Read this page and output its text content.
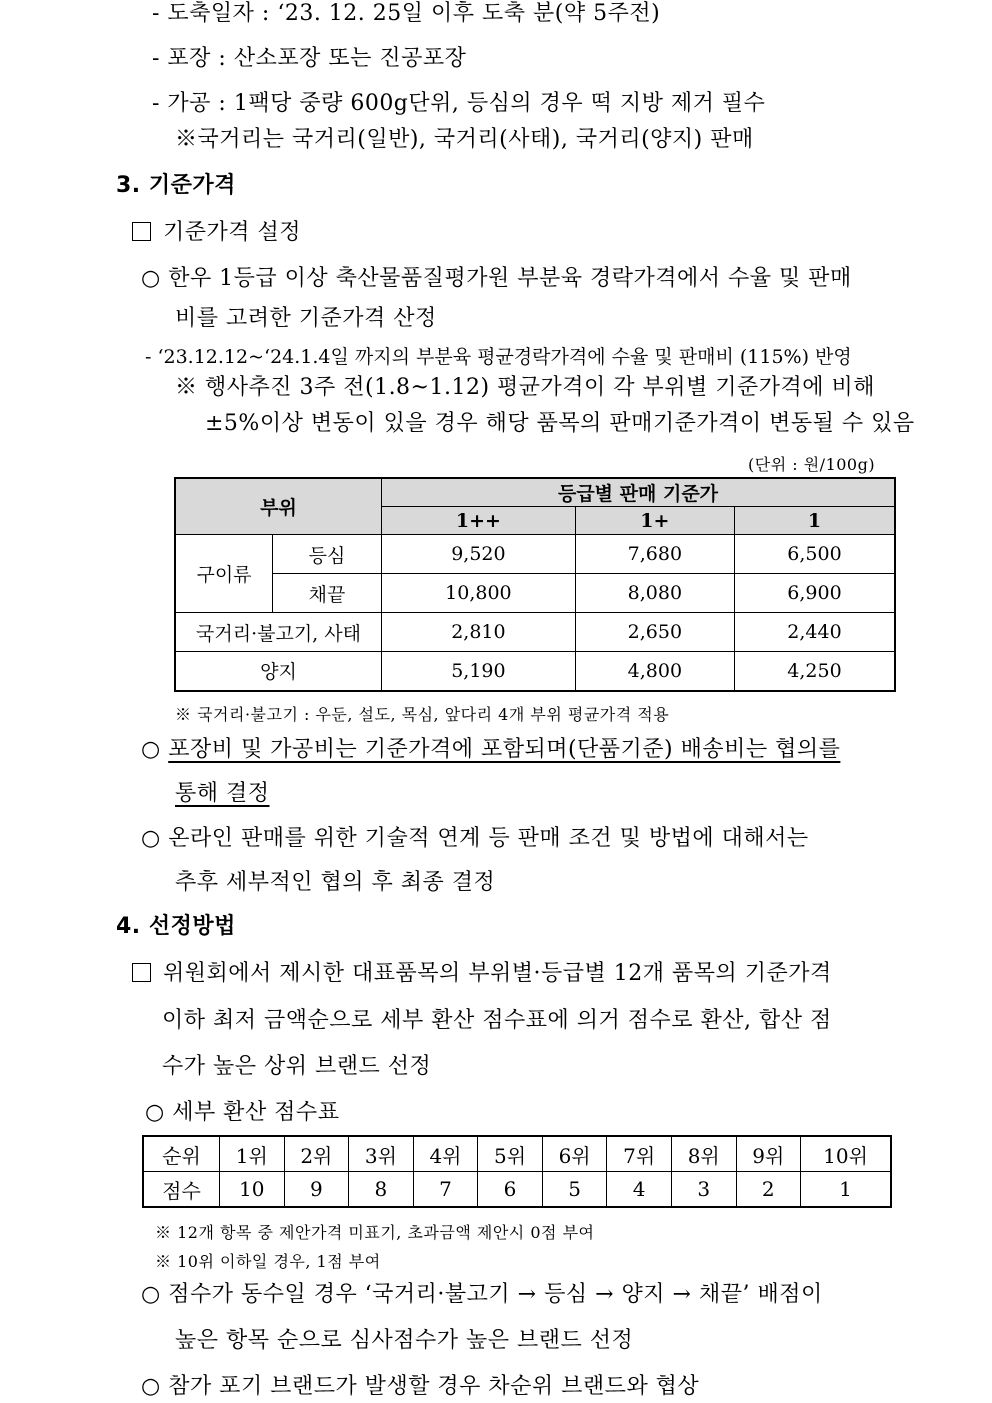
- 도축일자 : ‘23. 12. 25일 이후 도축 분(약 5주전)
- 포장 : 산소포장 또는 진공포장
- 가공 : 1팩당 중량 600g단위, 등심의 경우 떡 지방 제거 필수
※국거리는 국거리(일반), 국거리(사태), 국거리(양지) 판매
3. 기준가격
기준가격 설정
○ 한우 1등급 이상 축산물품질평가원 부분육 경락가격에서 수율 및 판매
비를 고려한 기준가격 산정
- ‘23.12.12~‘24.1.4일 까지의 부분육 평균경락가격에 수율 및 판매비 (115%) 반영
※ 행사추진 3주 전(1.8~1.12) 평균가격이 각 부위별 기준가격에 비해
±5%이상 변동이 있을 경우 해당 품목의 판매기준가격이 변동될 수 있음
(단위 : 원/100g)
부위		등급별 판매 기준가		
		1++	1+	1
구이류	등심	9,520	7,680	6,500
	채끝	10,800	8,080	6,900
국거리·불고기, 사태		2,810	2,650	2,440
양지		5,190	4,800	4,250
※ 국거리·불고기 : 우둔, 설도, 목심, 앞다리 4개 부위 평균가격 적용
○ 포장비 및 가공비는 기준가격에 포함되며(단품기준) 배송비는 협의를
통해 결정
○ 온라인 판매를 위한 기술적 연계 등 판매 조건 및 방법에 대해서는
추후 세부적인 협의 후 최종 결정
4. 선정방법
위원회에서 제시한 대표품목의 부위별·등급별 12개 품목의 기준가격
이하 최저 금액순으로 세부 환산 점수표에 의거 점수로 환산, 합산 점
수가 높은 상위 브랜드 선정
○ 세부 환산 점수표
순위	1위	2위	3위	4위	5위	6위	7위	8위	9위	10위
점수	10	9	8	7	6	5	4	3	2	1
※ 12개 항목 중 제안가격 미표기, 초과금액 제안시 0점 부여
※ 10위 이하일 경우, 1점 부여
○ 점수가 동수일 경우 ‘국거리·불고기 → 등심 → 양지 → 채끝’ 배점이
높은 항목 순으로 심사점수가 높은 브랜드 선정
○ 참가 포기 브랜드가 발생할 경우 차순위 브랜드와 협상
